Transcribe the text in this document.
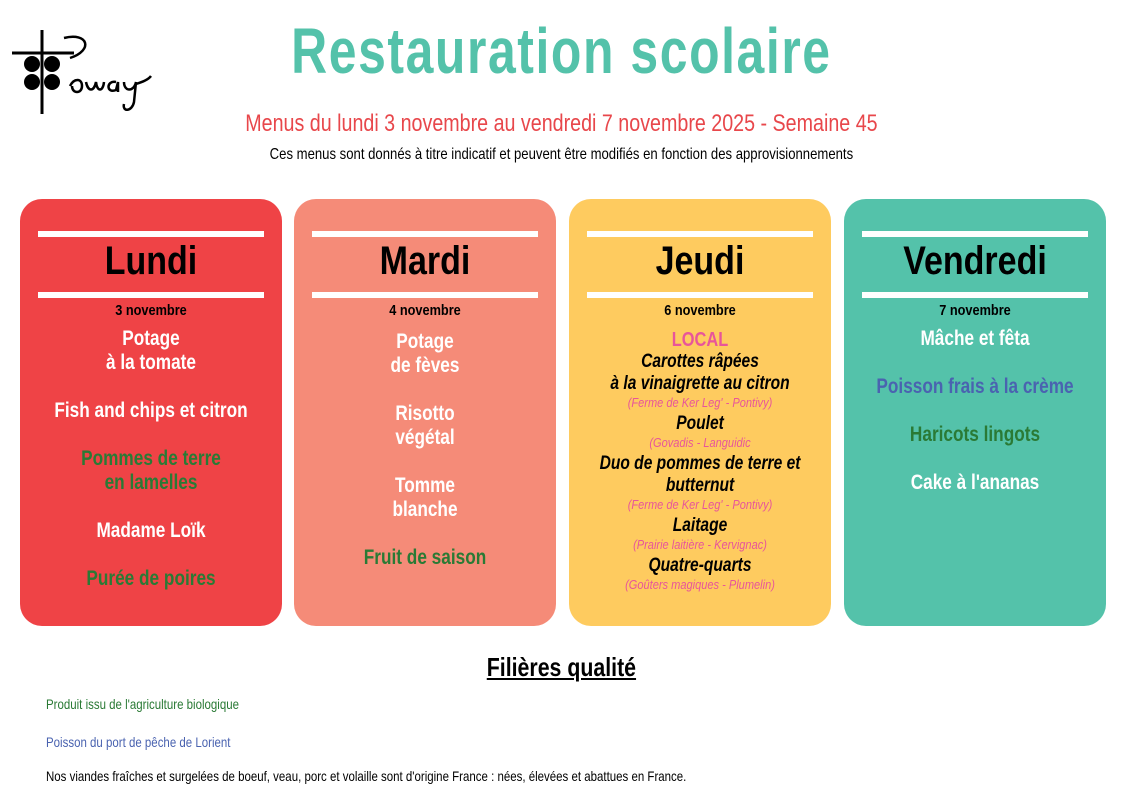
Restauration scolaire
Menus du lundi 3 novembre au vendredi 7 novembre 2025 - Semaine 45
Ces menus sont donnés à titre indicatif et peuvent être modifiés en fonction des approvisionnements
Lundi
3 novembre
Potage
à la tomate
Fish and chips et citron
Pommes de terre
en lamelles
Madame Loïk
Purée de poires
Mardi
4 novembre
Potage
de fèves
Risotto
végétal
Tomme
blanche
Fruit de saison
Jeudi
6 novembre
LOCAL
Carottes râpées
à la vinaigrette au citron
(Ferme de Ker Leg' - Pontivy)
Poulet
(Govadis - Languidic
Duo de pommes de terre et
butternut
(Ferme de Ker Leg' - Pontivy)
Laitage
(Prairie laitière - Kervignac)
Quatre-quarts
(Goûters magiques - Plumelin)
Vendredi
7 novembre
Mâche et fêta
Poisson frais à la crème
Haricots lingots
Cake à l'ananas
Filières qualité
Produit issu de l'agriculture biologique
Poisson du port de pêche de Lorient
Nos viandes fraîches et surgelées de boeuf, veau, porc et volaille sont d'origine France : nées, élevées et abattues en France.
